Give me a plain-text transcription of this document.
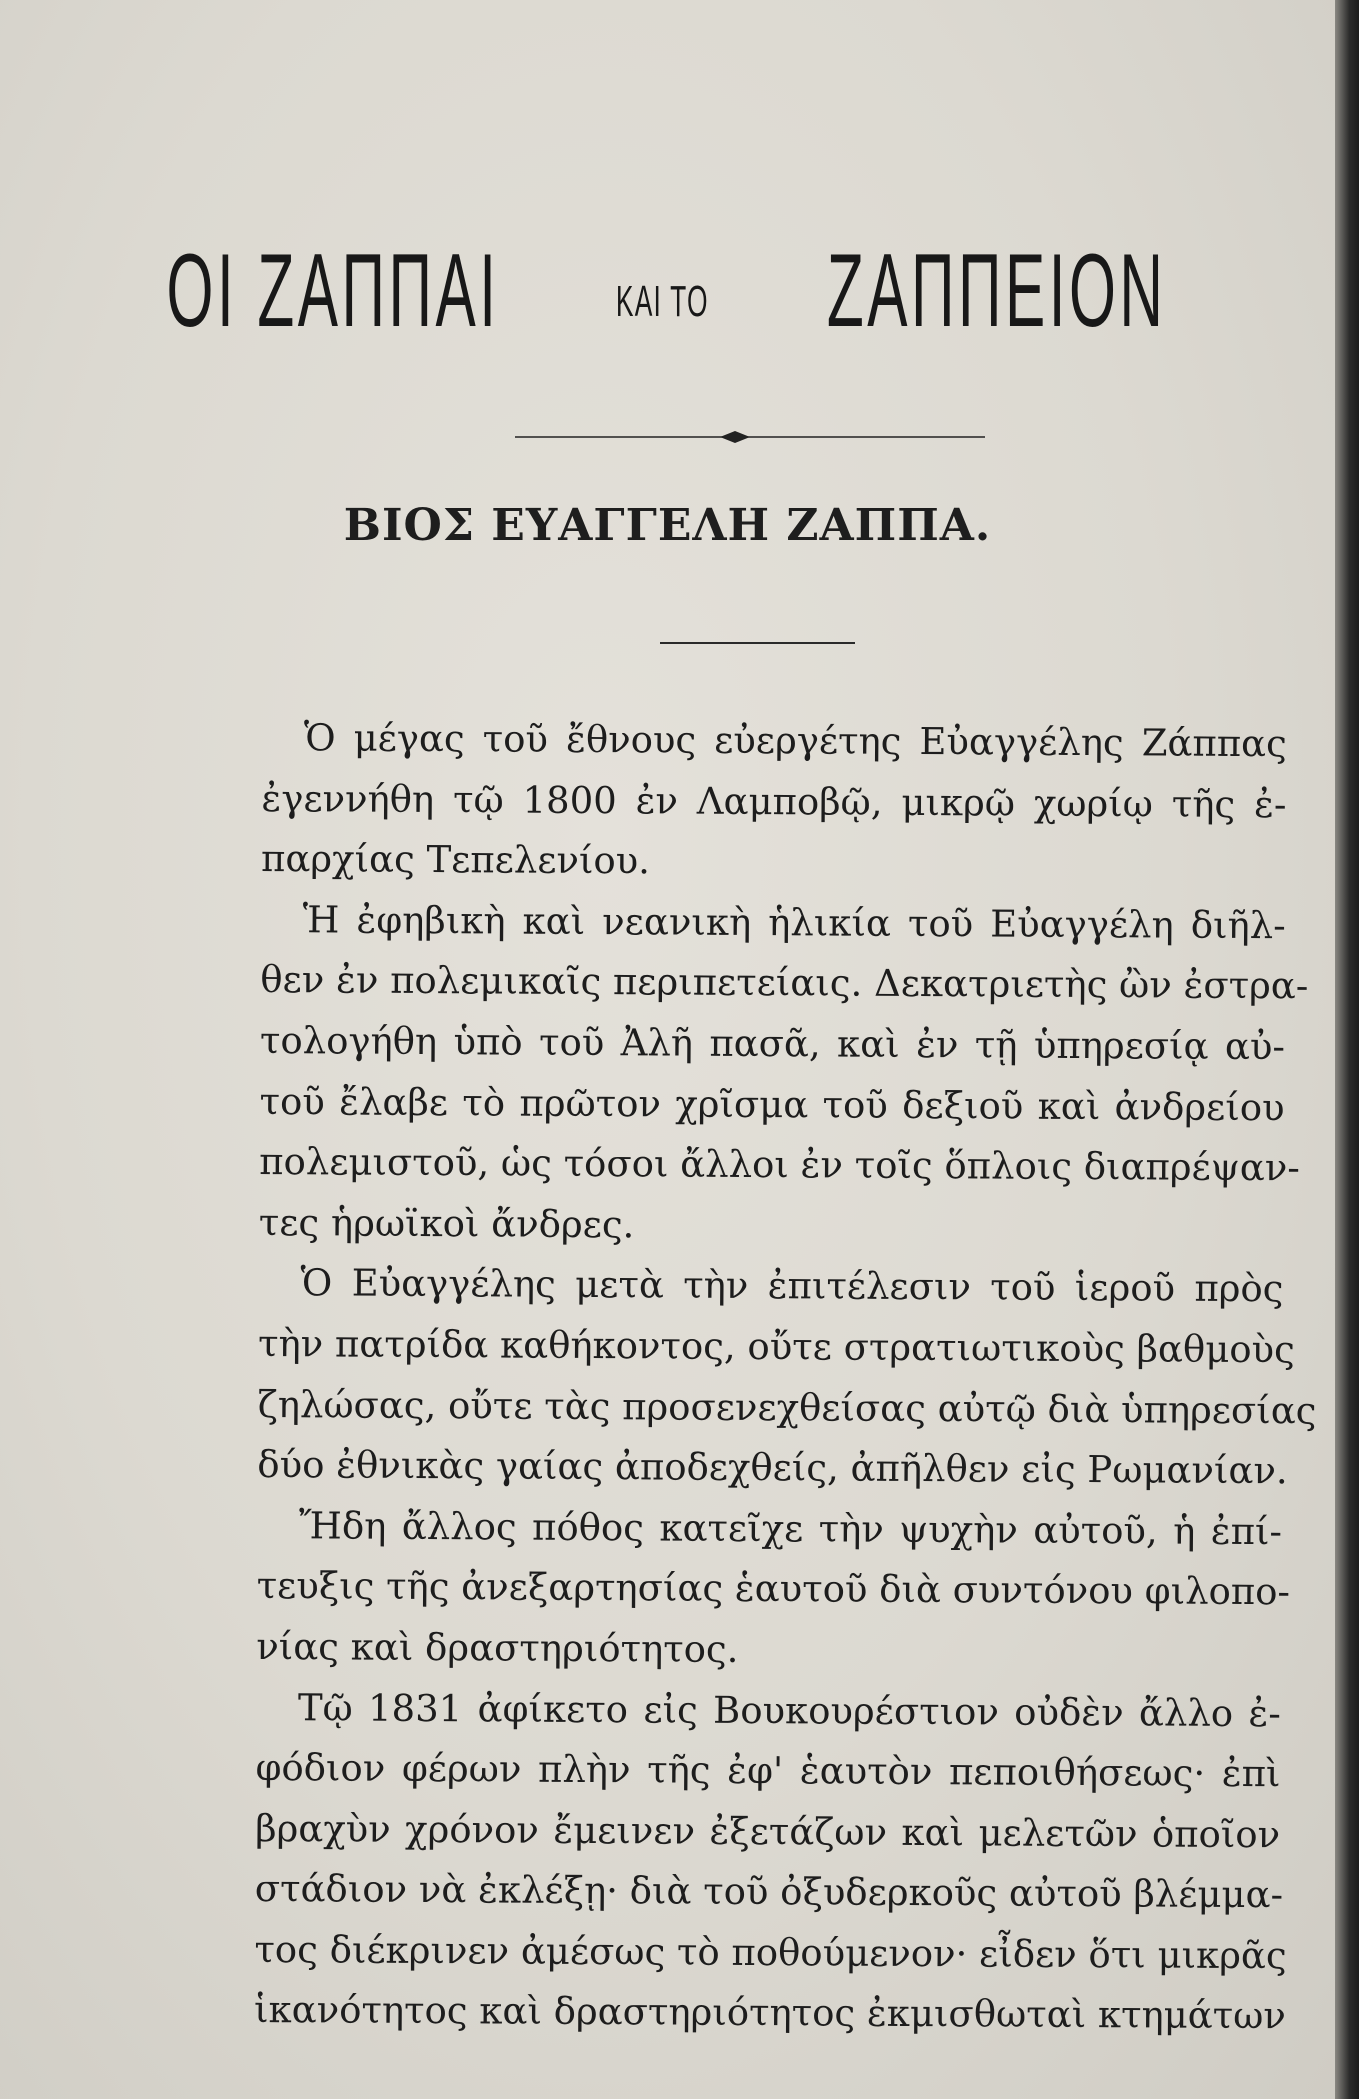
ΟΙ ΖΑΠΠΑΙ	ΚΑΙ ΤΟ ΖΑΠΠΕΙΟΝ
ΒΙΟΣ ΕΥΑΓΓΕΛΗ ΖΑΠΠΑ.
Ὁ μέγας τοῦ ἔθνους εὐεργέτης Εὐαγγέλης Ζάππας
ἐγεννήθη τῷ 1800 ἐν Λαμποβῷ, μικρῷ χωρίῳ τῆς ἐ-
παρχίας Τεπελενίου.
Ἡ ἐφηβικὴ καὶ νεανικὴ ἡλικία τοῦ Εὐαγγέλη διῆλ-
θεν ἐν πολεμικαῖς περιπετείαις. Δεκατριετὴς ὢν ἐστρα-
τολογήθη ὑπὸ τοῦ Ἀλῆ πασᾶ, καὶ ἐν τῇ ὑπηρεσίᾳ αὐ-
τοῦ ἔλαβε τὸ πρῶτον χρῖσμα τοῦ δεξιοῦ καὶ ἀνδρείου
πολεμιστοῦ, ὡς τόσοι ἄλλοι ἐν τοῖς ὅπλοις διαπρέψαν-
τες ἡρωϊκοὶ ἄνδρες.
Ὁ Εὐαγγέλης μετὰ τὴν ἐπιτέλεσιν τοῦ ἱεροῦ πρὸς
τὴν πατρίδα καθήκοντος, οὔτε στρατιωτικοὺς βαθμοὺς
ζηλώσας, οὔτε τὰς προσενεχθείσας αὐτῷ διὰ ὑπηρεσίας
δύο ἐθνικὰς γαίας ἀποδεχθείς, ἀπῆλθεν εἰς Ρωμανίαν.
Ἤδη ἄλλος πόθος κατεῖχε τὴν ψυχὴν αὐτοῦ, ἡ ἐπί-
τευξις τῆς ἀνεξαρτησίας ἑαυτοῦ διὰ συντόνου φιλοπο-
νίας καὶ δραστηριότητος.
Τῷ 1831 ἀφίκετο εἰς Βουκουρέστιον οὐδὲν ἄλλο ἐ-
φόδιον φέρων πλὴν τῆς ἐφ' ἑαυτὸν πεποιθήσεως· ἐπὶ
βραχὺν χρόνον ἔμεινεν ἐξετάζων καὶ μελετῶν ὁποῖον
στάδιον νὰ ἐκλέξῃ· διὰ τοῦ ὀξυδερκοῦς αὐτοῦ βλέμμα-
τος διέκρινεν ἀμέσως τὸ ποθούμενον· εἶδεν ὅτι μικρᾶς
ἱκανότητος καὶ δραστηριότητος ἐκμισθωταὶ κτημάτων
